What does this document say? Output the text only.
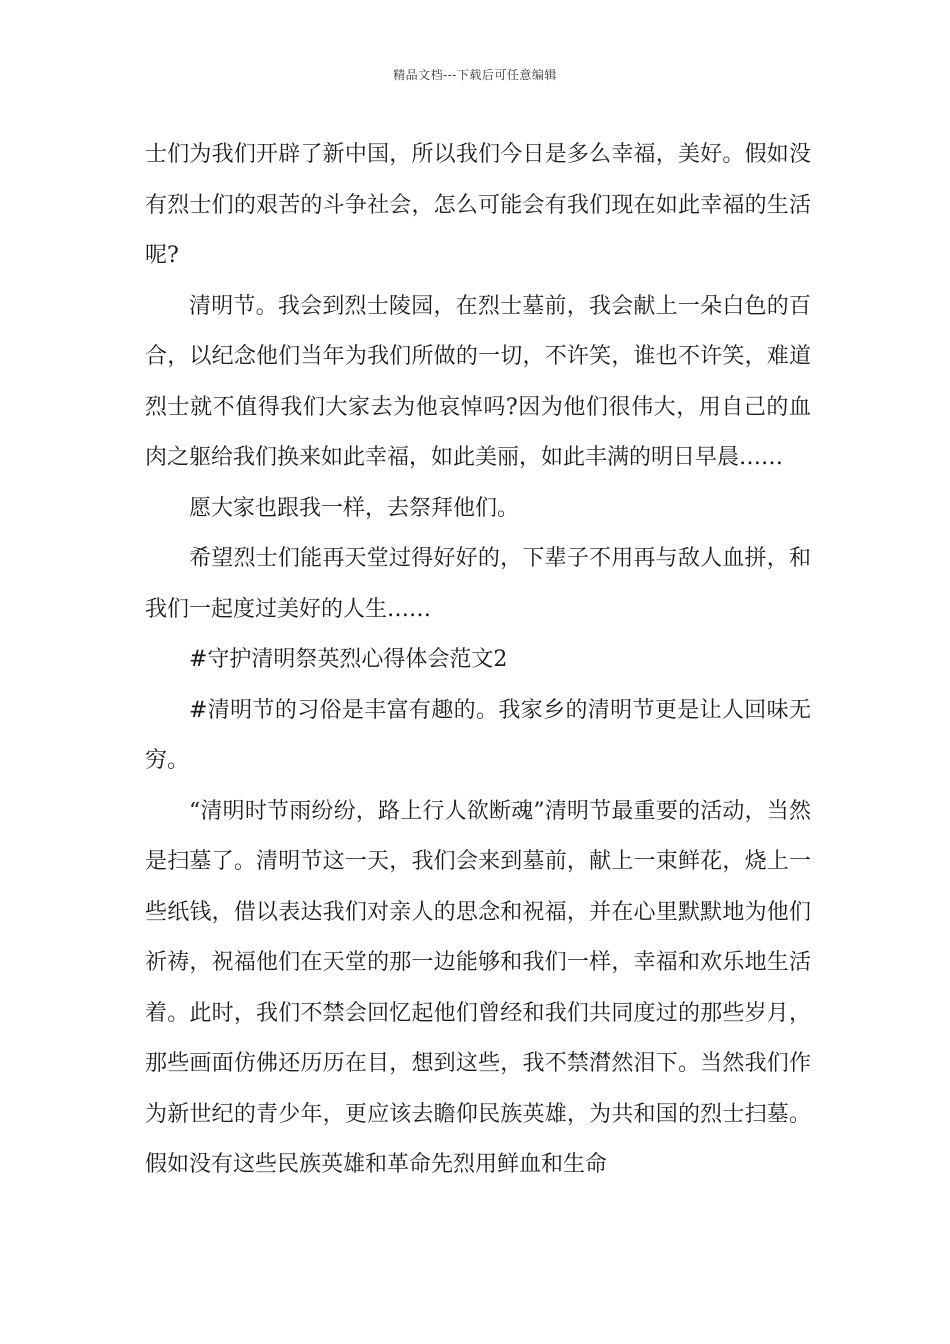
精品文档---下载后可任意编辑

士们为我们开辟了新中国，所以我们今日是多么幸福，美好。假如没有烈士们的艰苦的斗争社会，怎么可能会有我们现在如此幸福的生活呢?

清明节。我会到烈士陵园，在烈士墓前，我会献上一朵白色的百合，以纪念他们当年为我们所做的一切，不许笑，谁也不许笑，难道烈士就不值得我们大家去为他哀悼吗?因为他们很伟大，用自己的血肉之躯给我们换来如此幸福，如此美丽，如此丰满的明日早晨……

愿大家也跟我一样，去祭拜他们。

希望烈士们能再天堂过得好好的，下辈子不用再与敌人血拼，和我们一起度过美好的人生……

#守护清明祭英烈心得体会范文2

#清明节的习俗是丰富有趣的。我家乡的清明节更是让人回味无穷。

“清明时节雨纷纷，路上行人欲断魂”清明节最重要的活动，当然是扫墓了。清明节这一天，我们会来到墓前，献上一束鲜花，烧上一些纸钱，借以表达我们对亲人的思念和祝福，并在心里默默地为他们祈祷，祝福他们在天堂的那一边能够和我们一样，幸福和欢乐地生活着。此时，我们不禁会回忆起他们曾经和我们共同度过的那些岁月，那些画面仿佛还历历在目，想到这些，我不禁潸然泪下。当然我们作为新世纪的青少年，更应该去瞻仰民族英雄，为共和国的烈士扫墓。假如没有这些民族英雄和革命先烈用鲜血和生命
